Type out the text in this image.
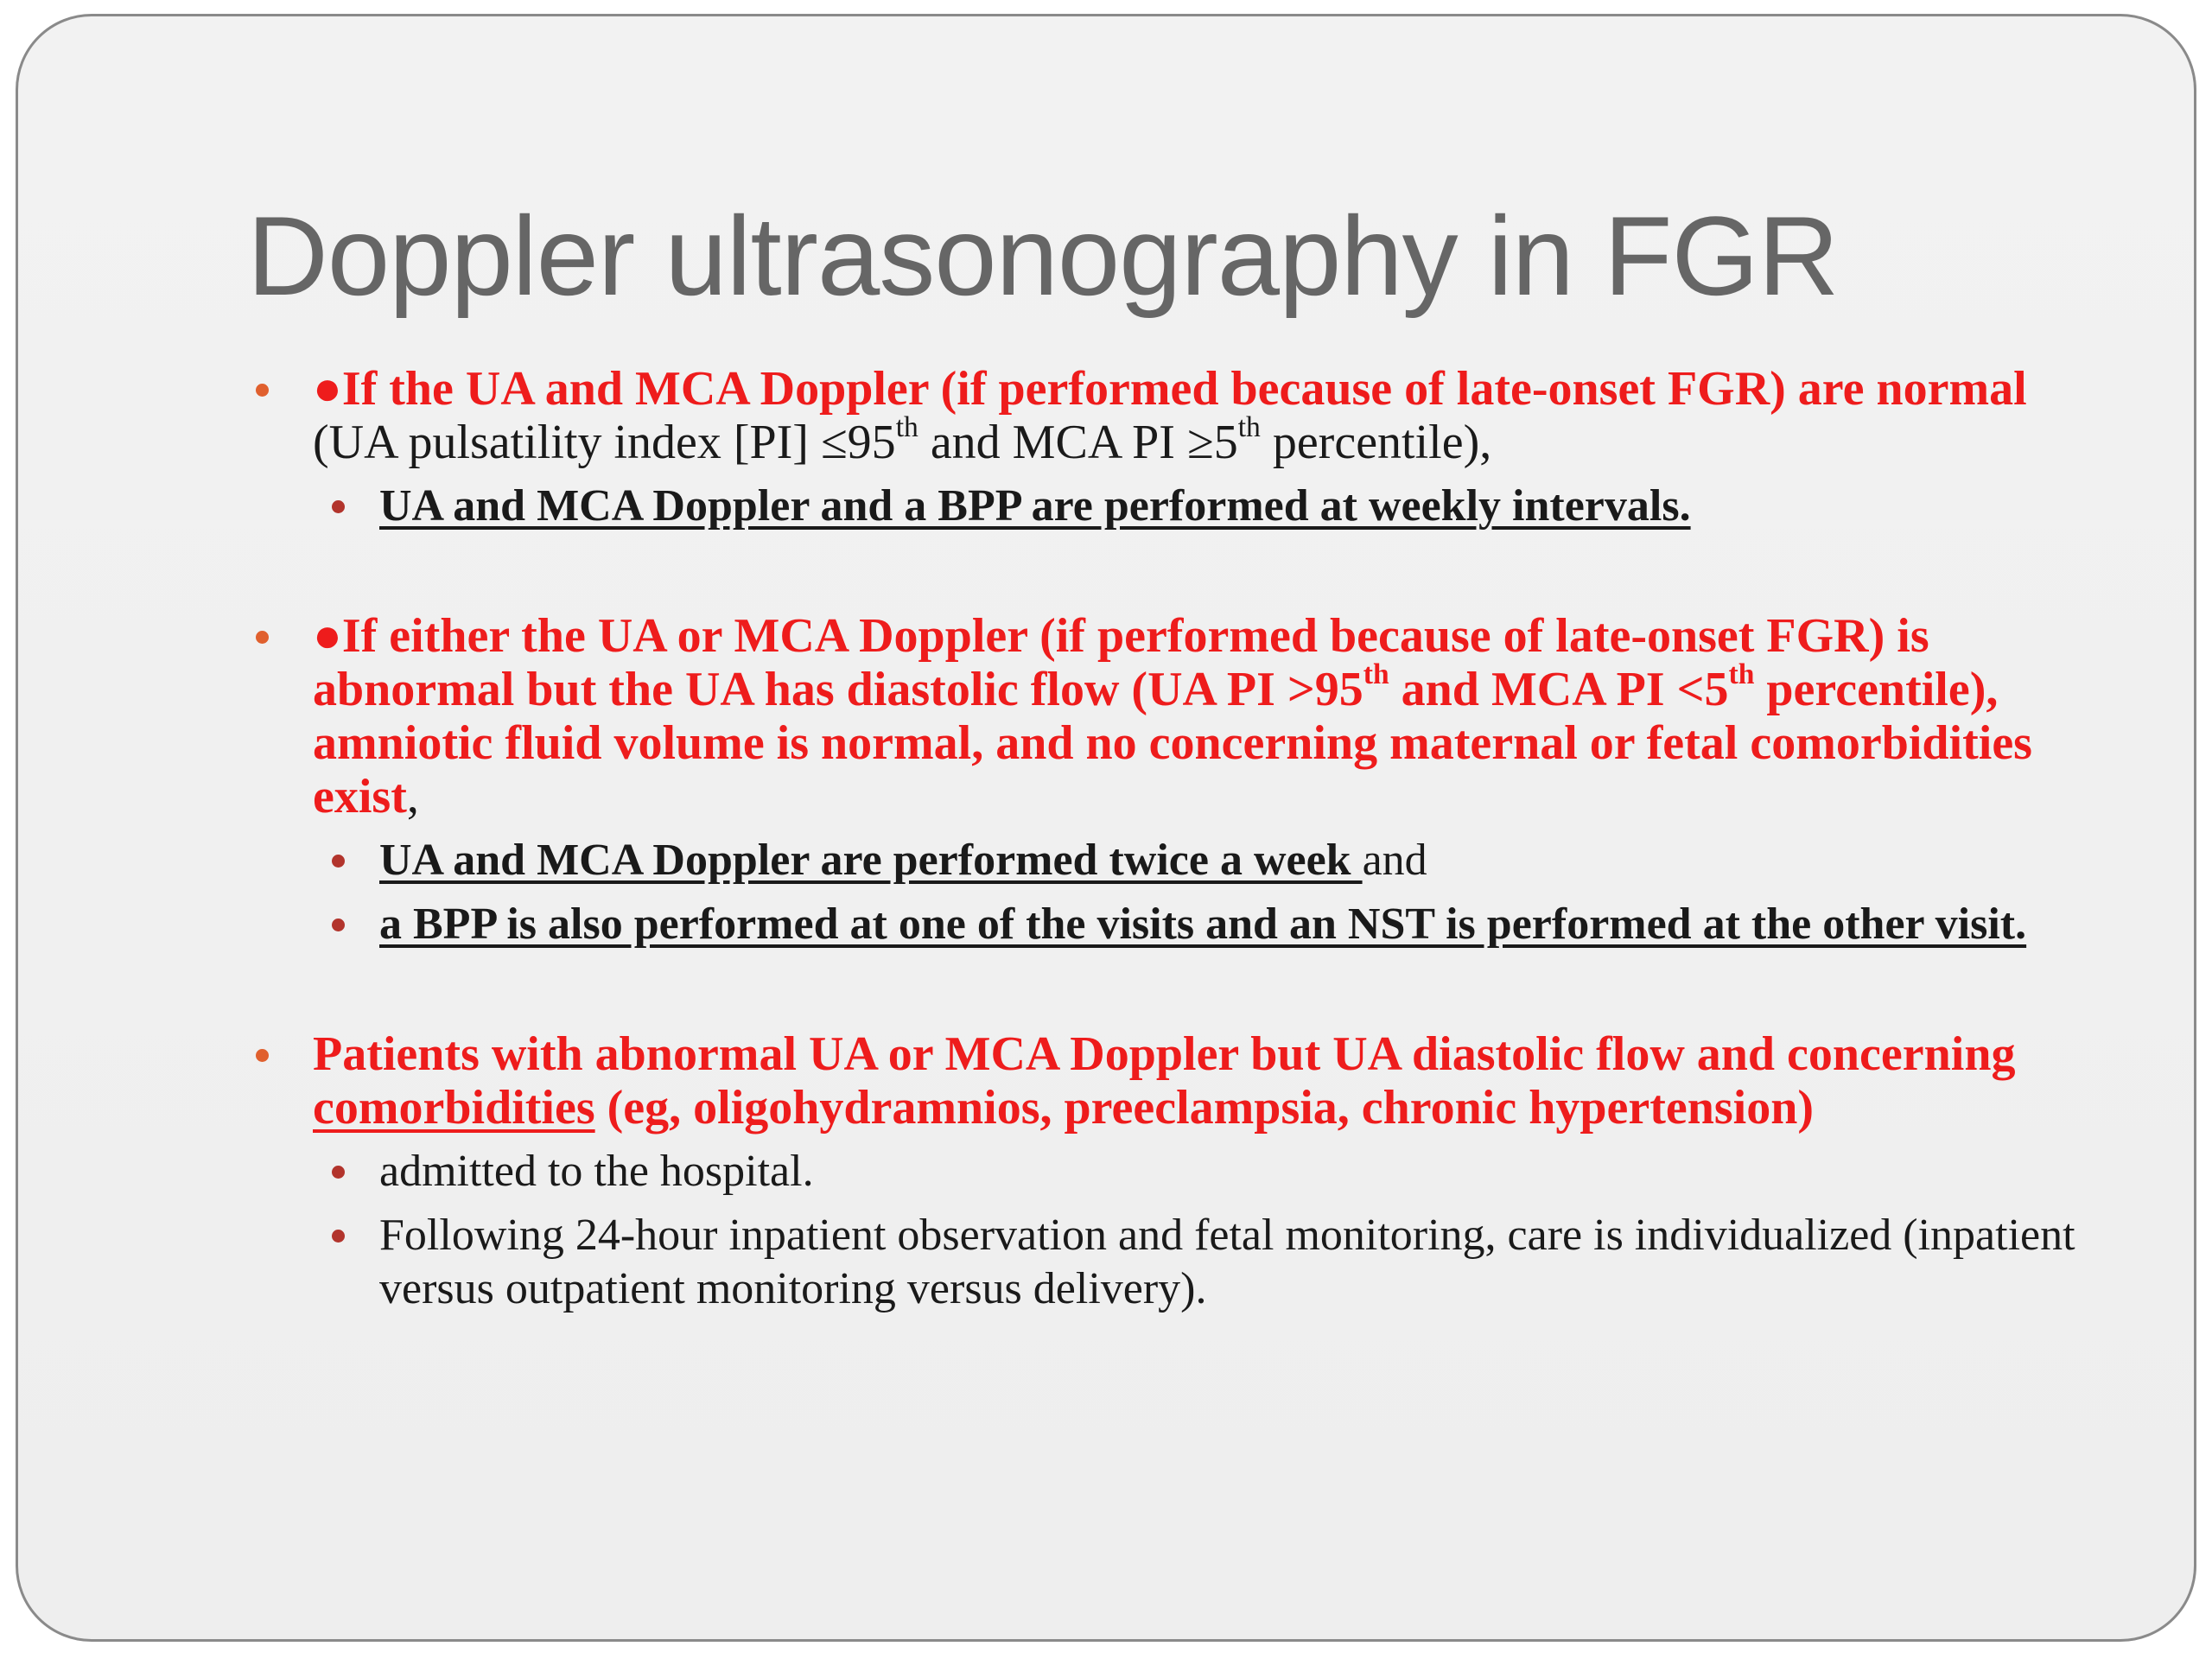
Doppler ultrasonography in FGR
●If the UA and MCA Doppler (if performed because of late-onset FGR) are normal (UA pulsatility index [PI] ≤95th and MCA PI ≥5th percentile),
UA and MCA Doppler and a BPP are performed at weekly intervals.
●If either the UA or MCA Doppler (if performed because of late-onset FGR) is abnormal but the UA has diastolic flow (UA PI >95th and MCA PI <5th percentile), amniotic fluid volume is normal, and no concerning maternal or fetal comorbidities exist,
UA and MCA Doppler are performed twice a week and
a BPP is also performed at one of the visits and an NST is performed at the other visit.
Patients with abnormal UA or MCA Doppler but UA diastolic flow and concerning comorbidities (eg, oligohydramnios, preeclampsia, chronic hypertension)
admitted to the hospital.
Following 24-hour inpatient observation and fetal monitoring, care is individualized (inpatient versus outpatient monitoring versus delivery).
